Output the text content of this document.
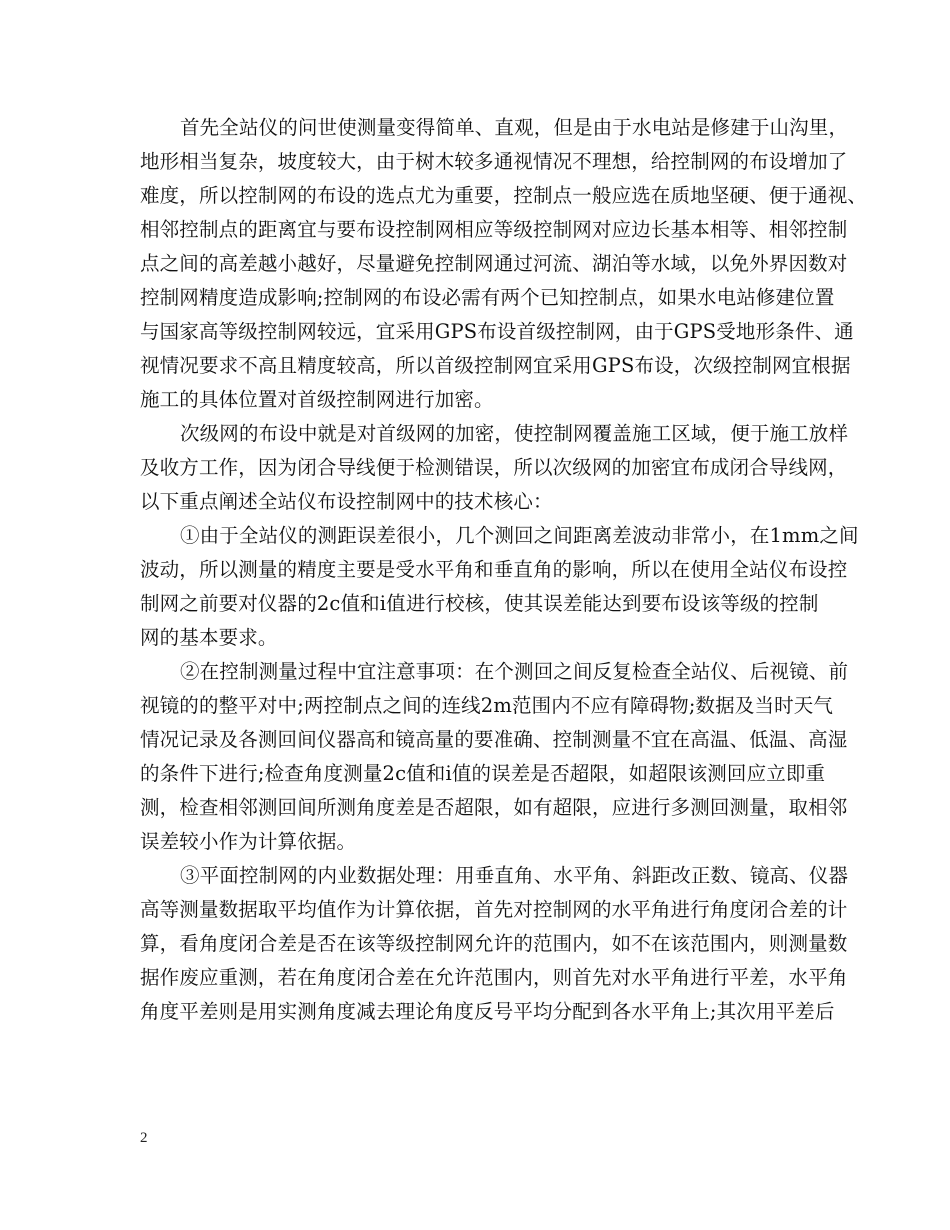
首先全站仪的问世使测量变得简单、直观，但是由于水电站是修建于山沟里，
地形相当复杂，坡度较大，由于树木较多通视情况不理想，给控制网的布设增加了
难度，所以控制网的布设的选点尤为重要，控制点一般应选在质地坚硬、便于通视、
相邻控制点的距离宜与要布设控制网相应等级控制网对应边长基本相等、相邻控制
点之间的高差越小越好，尽量避免控制网通过河流、湖泊等水域，以免外界因数对
控制网精度造成影响;控制网的布设必需有两个已知控制点，如果水电站修建位置
与国家高等级控制网较远，宜采用GPS布设首级控制网，由于GPS受地形条件、通
视情况要求不高且精度较高，所以首级控制网宜采用GPS布设，次级控制网宜根据
施工的具体位置对首级控制网进行加密。
次级网的布设中就是对首级网的加密，使控制网覆盖施工区域，便于施工放样
及收方工作，因为闭合导线便于检测错误，所以次级网的加密宜布成闭合导线网，
以下重点阐述全站仪布设控制网中的技术核心：
①由于全站仪的测距误差很小，几个测回之间距离差波动非常小，在1mm之间
波动，所以测量的精度主要是受水平角和垂直角的影响，所以在使用全站仪布设控
制网之前要对仪器的2c值和i值进行校核，使其误差能达到要布设该等级的控制
网的基本要求。
②在控制测量过程中宜注意事项：在个测回之间反复检查全站仪、后视镜、前
视镜的的整平对中;两控制点之间的连线2m范围内不应有障碍物;数据及当时天气
情况记录及各测回间仪器高和镜高量的要准确、控制测量不宜在高温、低温、高湿
的条件下进行;检查角度测量2c值和i值的误差是否超限，如超限该测回应立即重
测，检查相邻测回间所测角度差是否超限，如有超限，应进行多测回测量，取相邻
误差较小作为计算依据。
③平面控制网的内业数据处理：用垂直角、水平角、斜距改正数、镜高、仪器
高等测量数据取平均值作为计算依据，首先对控制网的水平角进行角度闭合差的计
算，看角度闭合差是否在该等级控制网允许的范围内，如不在该范围内，则测量数
据作废应重测，若在角度闭合差在允许范围内，则首先对水平角进行平差，水平角
角度平差则是用实测角度减去理论角度反号平均分配到各水平角上;其次用平差后
2
